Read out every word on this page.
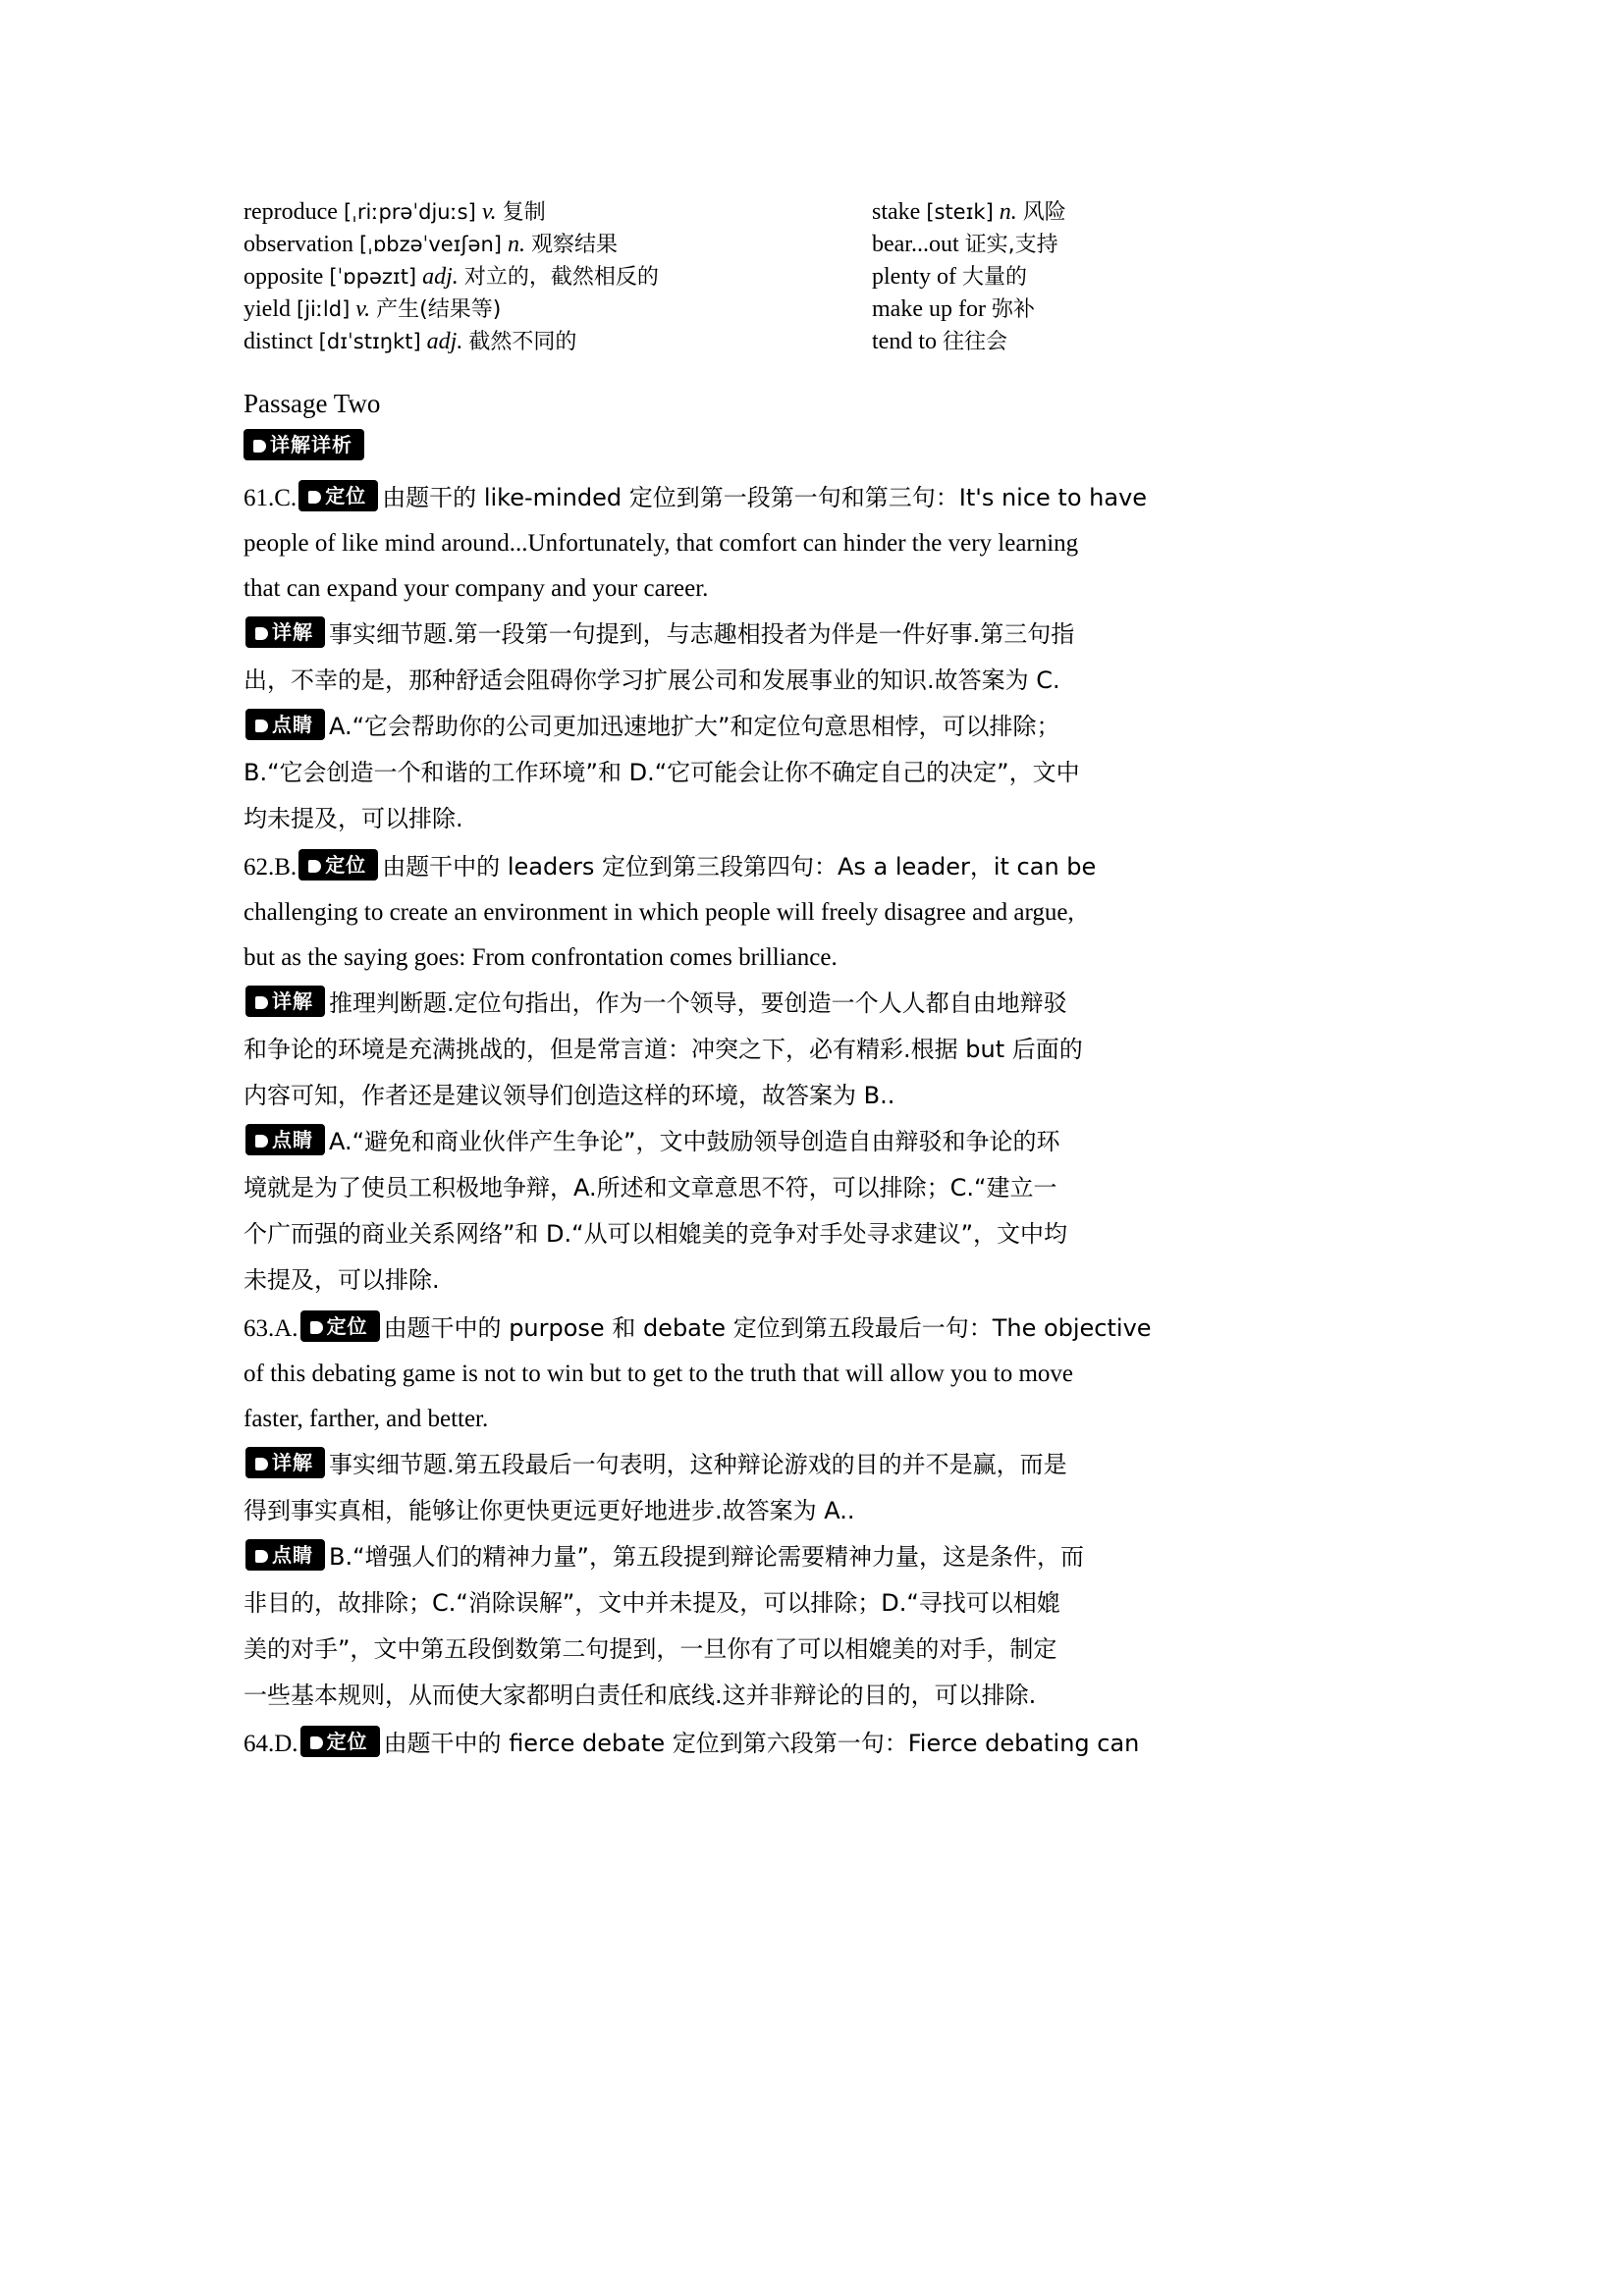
reproduce [ˌriːprəˈdjuːs] v. 复制
observation [ˌɒbzəˈveɪʃən] n. 观察结果
opposite [ˈɒpəzɪt] adj. 对立的，截然相反的
yield [jiːld] v. 产生(结果等)
distinct [dɪˈstɪŋkt] adj. 截然不同的
stake [steɪk] n. 风险
bear...out 证实,支持
plenty of 大量的
make up for 弥补
tend to 往往会
Passage Two
详解详析

61.C. 定位 由题干的 like-minded 定位到第一段第一句和第三句：It's nice to have

people of like mind around...Unfortunately, that comfort can hinder the very learning

that can expand your company and your career.

详解 事实细节题.第一段第一句提到，与志趣相投者为伴是一件好事.第三句指

出，不幸的是，那种舒适会阻碍你学习扩展公司和发展事业的知识.故答案为 C.

点睛 A.“它会帮助你的公司更加迅速地扩大”和定位句意思相悖，可以排除；

B.“它会创造一个和谐的工作环境”和 D.“它可能会让你不确定自己的决定”，文中

均未提及，可以排除.

62.B. 定位 由题干中的 leaders 定位到第三段第四句：As a leader，it can be

challenging to create an environment in which people will freely disagree and argue,

but as the saying goes: From confrontation comes brilliance.

详解 推理判断题.定位句指出，作为一个领导，要创造一个人人都自由地辩驳

和争论的环境是充满挑战的，但是常言道：冲突之下，必有精彩.根据 but 后面的

内容可知，作者还是建议领导们创造这样的环境，故答案为 B..

点睛 A.“避免和商业伙伴产生争论”，文中鼓励领导创造自由辩驳和争论的环

境就是为了使员工积极地争辩，A.所述和文章意思不符，可以排除；C.“建立一

个广而强的商业关系网络”和 D.“从可以相媲美的竞争对手处寻求建议”，文中均

未提及，可以排除.

63.A. 定位 由题干中的 purpose 和 debate 定位到第五段最后一句：The objective

of this debating game is not to win but to get to the truth that will allow you to move

faster, farther, and better.

详解 事实细节题.第五段最后一句表明，这种辩论游戏的目的并不是赢，而是

得到事实真相，能够让你更快更远更好地进步.故答案为 A..

点睛 B.“增强人们的精神力量”，第五段提到辩论需要精神力量，这是条件，而

非目的，故排除；C.“消除误解”，文中并未提及，可以排除；D.“寻找可以相媲

美的对手”，文中第五段倒数第二句提到，一旦你有了可以相媲美的对手，制定

一些基本规则，从而使大家都明白责任和底线.这并非辩论的目的，可以排除.

64.D. 定位 由题干中的 fierce debate 定位到第六段第一句：Fierce debating can
